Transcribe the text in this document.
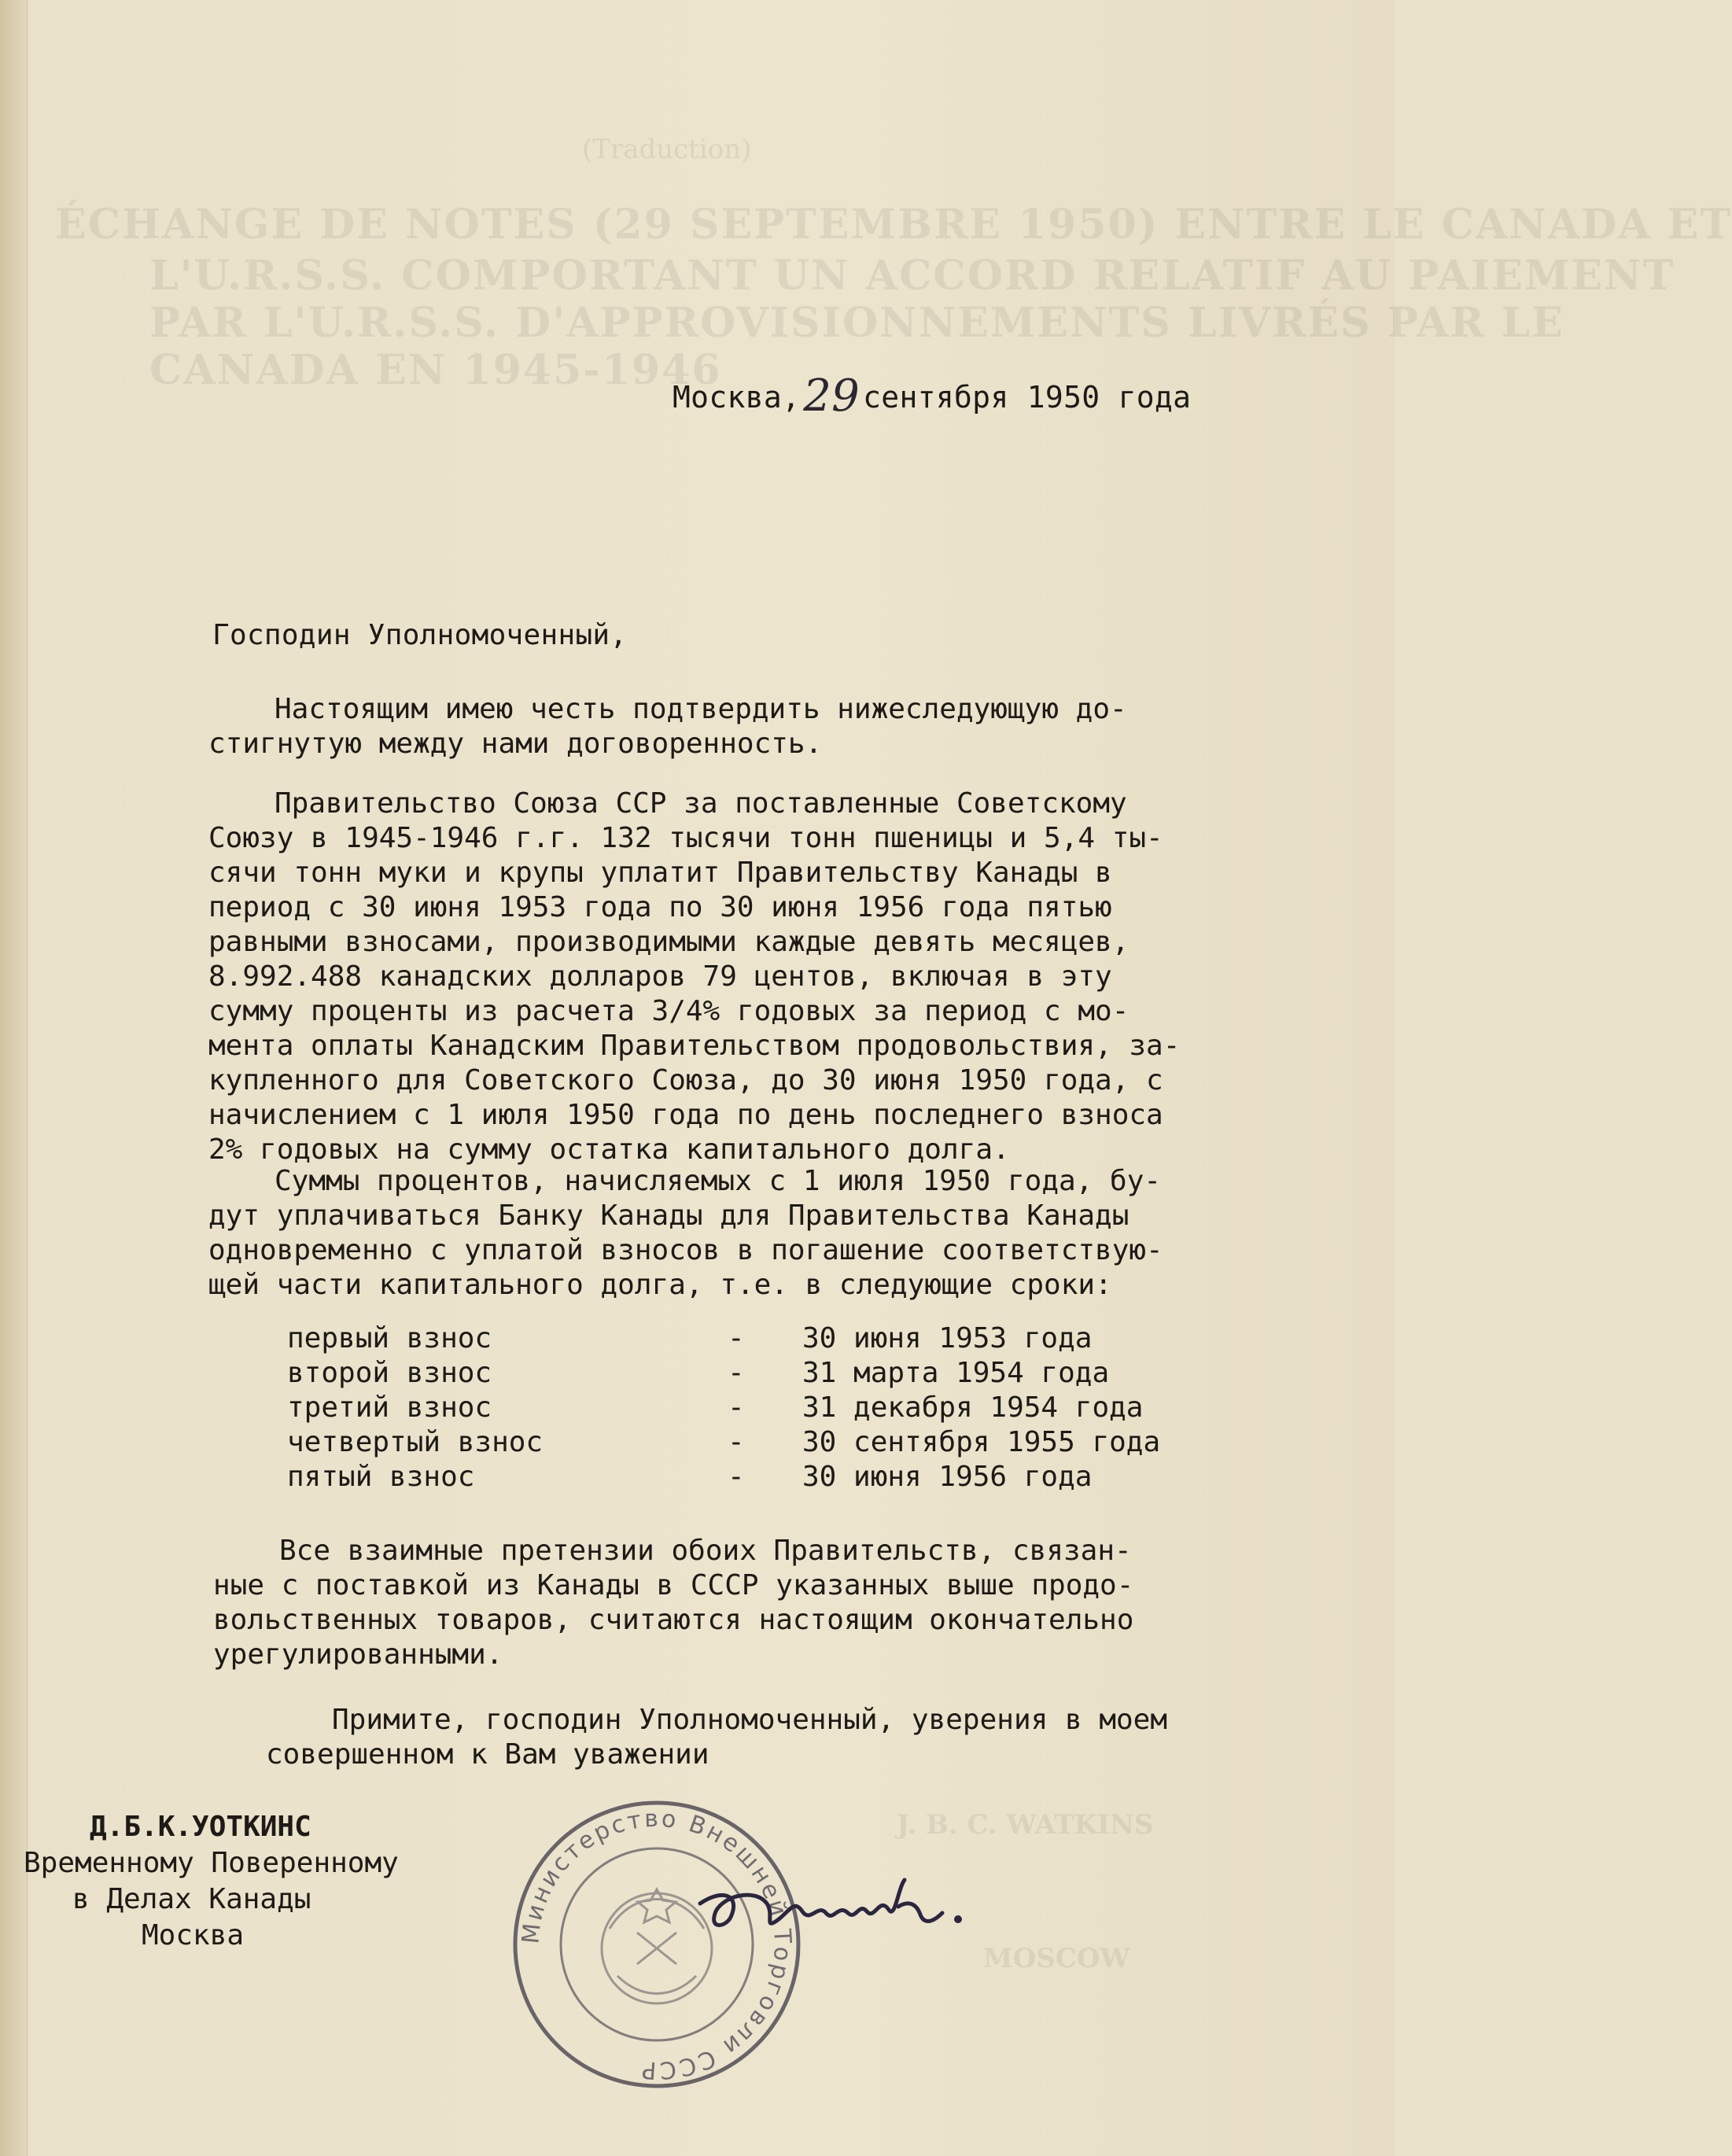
(Traduction)
ÉCHANGE DE NOTES (29 SEPTEMBRE 1950) ENTRE LE CANADA ET
L'U.R.S.S. COMPORTANT UN ACCORD RELATIF AU PAIEMENT
PAR L'U.R.S.S. D'APPROVISIONNEMENTS LIVRÉS PAR LE
CANADA EN 1945-1946
J. B. C. WATKINS
MOSCOW
Москва,29 сентября 1950 года
Господин Уполномоченный,
Настоящим имею честь подтвердить нижеследующую до-
стигнутую между нами договоренность.
Правительство Союза ССР за поставленные Советскому
Союзу в 1945-1946 г.г. 132 тысячи тонн пшеницы и 5,4 ты-
сячи тонн муки и крупы уплатит Правительству Канады в
период с 30 июня 1953 года по 30 июня 1956 года пятью
равными взносами, производимыми каждые девять месяцев,
8.992.488 канадских долларов 79 центов, включая в эту
сумму проценты из расчета 3/4% годовых за период с мо-
мента оплаты Канадским Правительством продовольствия, за-
купленного для Советского Союза, до 30 июня 1950 года, с
начислением с 1 июля 1950 года по день последнего взноса
2% годовых на сумму остатка капитального долга.
Суммы процентов, начисляемых с 1 июля 1950 года, бу-
дут уплачиваться Банку Канады для Правительства Канады
одновременно с уплатой взносов в погашение соответствую-
щей части капитального долга, т.е. в следующие сроки:
первый взнос	- 30 июня 1953 года
второй взнос	- 31 марта 1954 года
третий взнос	- 31 декабря 1954 года
четвертый взнос	- 30 сентября 1955 года
пятый взнос	- 30 июня 1956 года
Все взаимные претензии обоих Правительств, связан-
ные с поставкой из Канады в СССР указанных выше продо-
вольственных товаров, считаются настоящим окончательно
урегулированными.
Примите, господин Уполномоченный, уверения в моем
совершенном к Вам уважении
Д.Б.К.УОТКИНС
Временному Поверенному
в Делах Канады
Москва	Министерство Внешней Торговли СССР
